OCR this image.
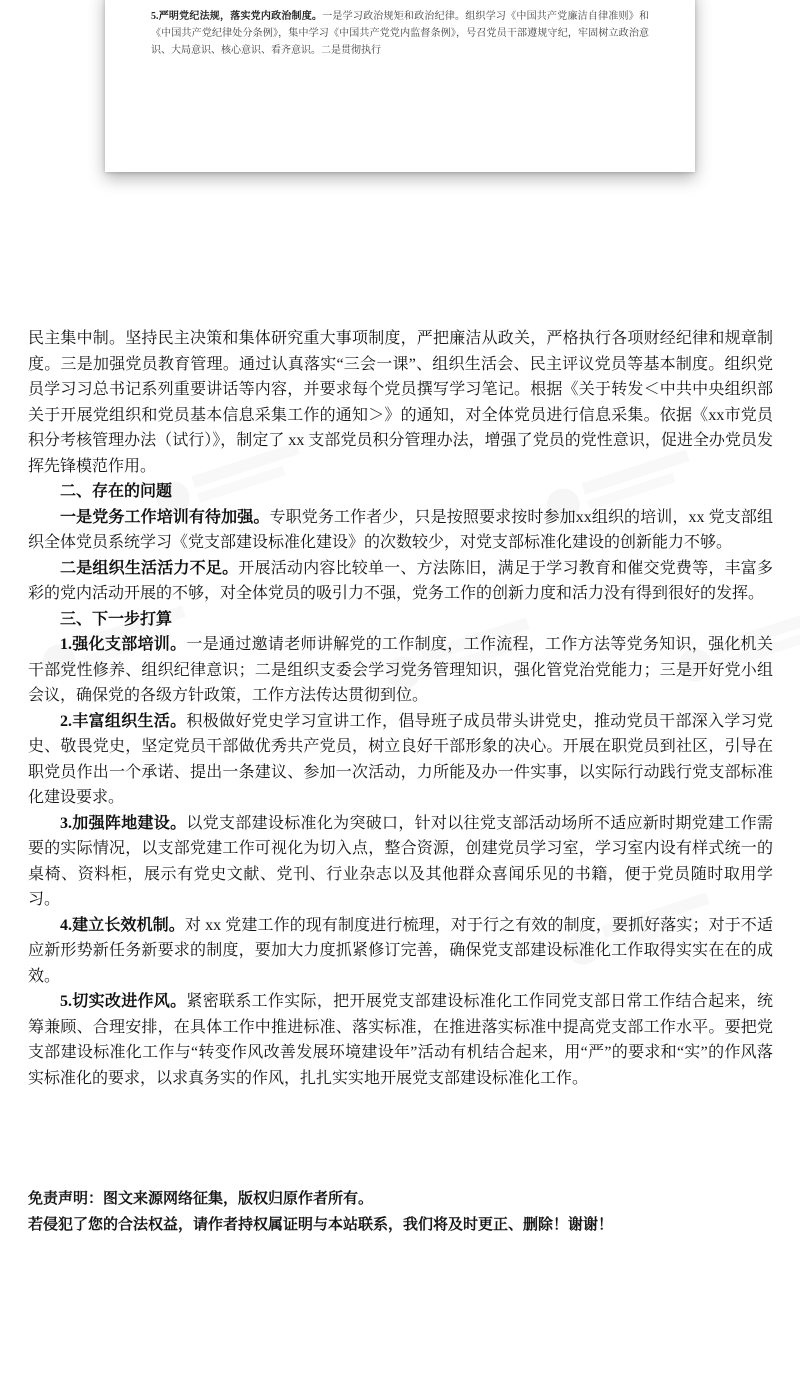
5.严明党纪法规，落实党内政治制度。一是学习政治规矩和政治纪律。组织学习《中国共产党廉洁自律准则》和《中国共产党纪律处分条例》，集中学习《中国共产党党内监督条例》，号召党员干部遵规守纪，牢固树立政治意识、大局意识、核心意识、看齐意识。二是贯彻执行

民主集中制。坚持民主决策和集体研究重大事项制度，严把廉洁从政关，严格执行各项财经纪律和规章制度。三是加强党员教育管理。通过认真落实“三会一课”、组织生活会、民主评议党员等基本制度。组织党员学习习总书记系列重要讲话等内容，并要求每个党员撰写学习笔记。根据《关于转发＜中共中央组织部关于开展党组织和党员基本信息采集工作的通知＞》的通知，对全体党员进行信息采集。依据《xx市党员积分考核管理办法（试行）》，制定了 xx 支部党员积分管理办法，增强了党员的党性意识，促进全办党员发挥先锋模范作用。

二、存在的问题

一是党务工作培训有待加强。专职党务工作者少，只是按照要求按时参加xx组织的培训，xx 党支部组织全体党员系统学习《党支部建设标准化建设》的次数较少，对党支部标准化建设的创新能力不够。

二是组织生活活力不足。开展活动内容比较单一、方法陈旧，满足于学习教育和催交党费等，丰富多彩的党内活动开展的不够，对全体党员的吸引力不强，党务工作的创新力度和活力没有得到很好的发挥。

三、下一步打算

1.强化支部培训。一是通过邀请老师讲解党的工作制度，工作流程，工作方法等党务知识，强化机关干部党性修养、组织纪律意识；二是组织支委会学习党务管理知识，强化管党治党能力；三是开好党小组会议，确保党的各级方针政策，工作方法传达贯彻到位。

2.丰富组织生活。积极做好党史学习宣讲工作，倡导班子成员带头讲党史，推动党员干部深入学习党史、敬畏党史，坚定党员干部做优秀共产党员，树立良好干部形象的决心。开展在职党员到社区，引导在职党员作出一个承诺、提出一条建议、参加一次活动，力所能及办一件实事，以实际行动践行党支部标准化建设要求。

3.加强阵地建设。以党支部建设标准化为突破口，针对以往党支部活动场所不适应新时期党建工作需要的实际情况，以支部党建工作可视化为切入点，整合资源，创建党员学习室，学习室内设有样式统一的桌椅、资料柜，展示有党史文献、党刊、行业杂志以及其他群众喜闻乐见的书籍，便于党员随时取用学习。

4.建立长效机制。对 xx 党建工作的现有制度进行梳理，对于行之有效的制度，要抓好落实；对于不适应新形势新任务新要求的制度，要加大力度抓紧修订完善，确保党支部建设标准化工作取得实实在在的成效。

5.切实改进作风。紧密联系工作实际，把开展党支部建设标准化工作同党支部日常工作结合起来，统筹兼顾、合理安排，在具体工作中推进标准、落实标准，在推进落实标准中提高党支部工作水平。要把党支部建设标准化工作与“转变作风改善发展环境建设年”活动有机结合起来，用“严”的要求和“实”的作风落实标准化的要求，以求真务实的作风，扎扎实实地开展党支部建设标准化工作。

免责声明：图文来源网络征集，版权归原作者所有。

若侵犯了您的合法权益，请作者持权属证明与本站联系，我们将及时更正、删除！谢谢！
